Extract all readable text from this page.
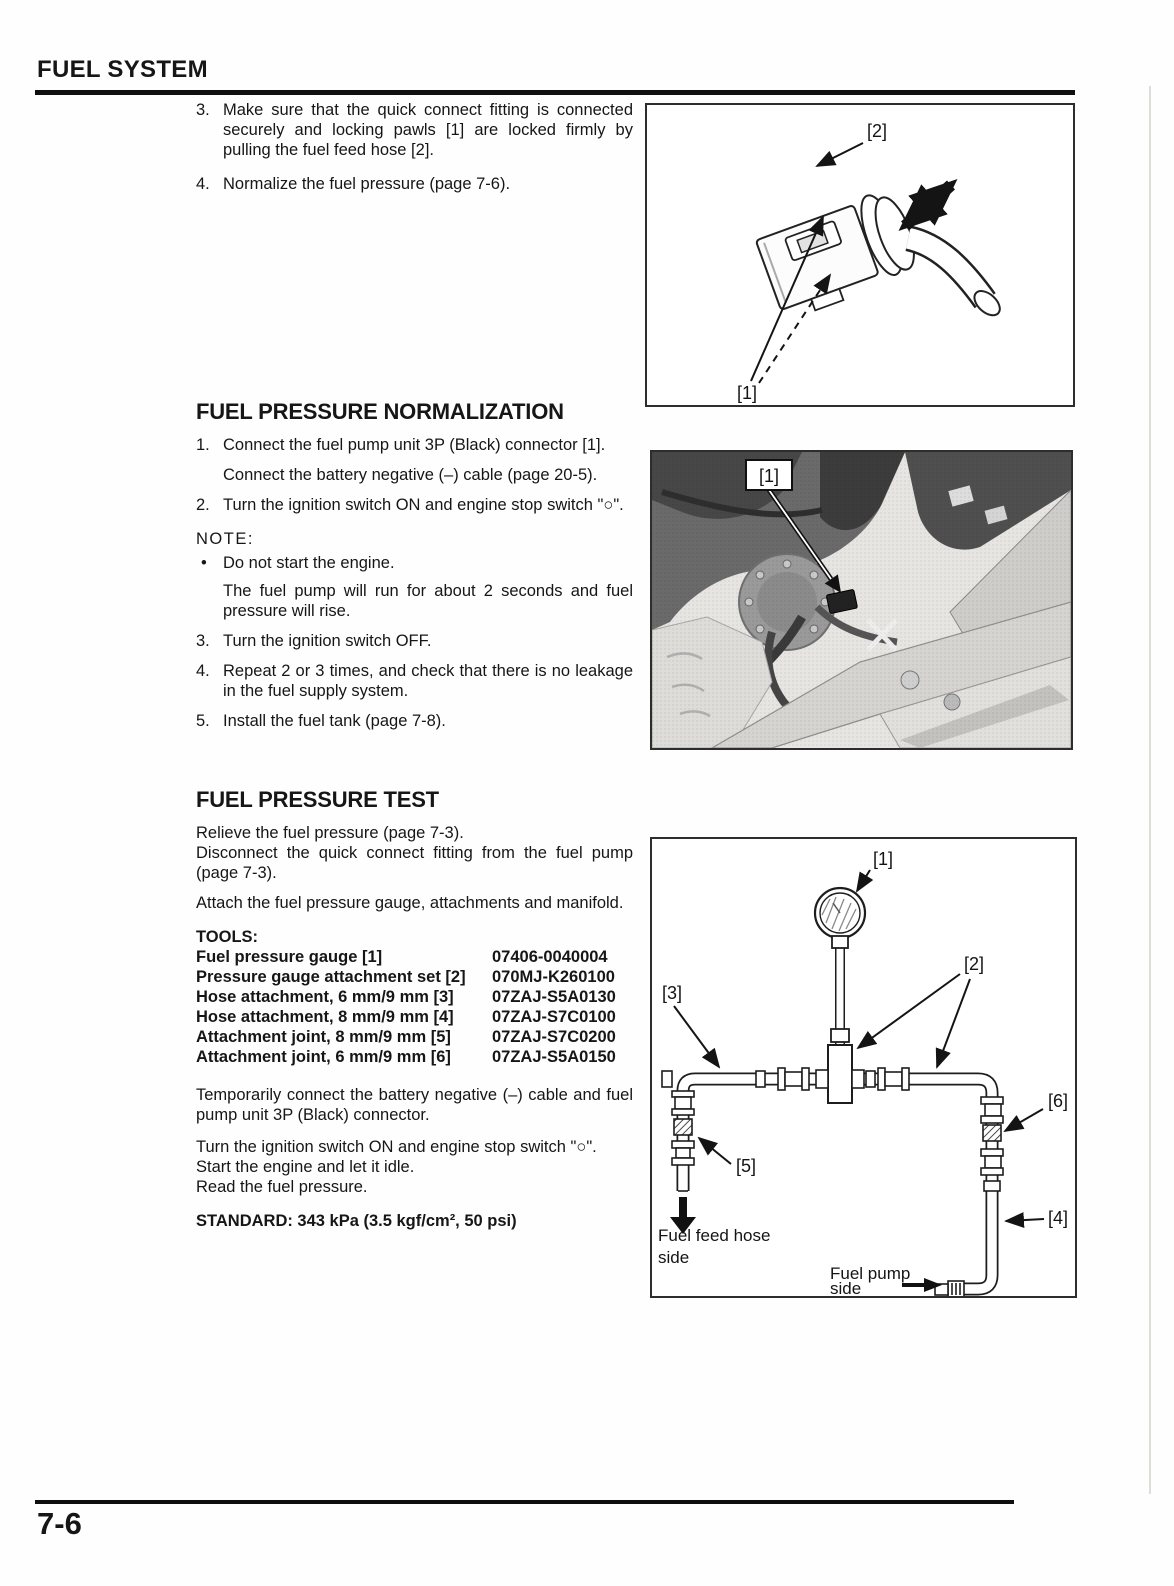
FUEL SYSTEM
3. Make sure that the quick connect fitting is connected securely and locking pawls [1] are locked firmly by pulling the fuel feed hose [2].
4. Normalize the fuel pressure (page 7-6).
FUEL PRESSURE NORMALIZATION
1. Connect the fuel pump unit 3P (Black) connector [1].
Connect the battery negative (–) cable (page 20-5).
2. Turn the ignition switch ON and engine stop switch "○".
NOTE:
• Do not start the engine.
The fuel pump will run for about 2 seconds and fuel pressure will rise.
3. Turn the ignition switch OFF.
4. Repeat 2 or 3 times, and check that there is no leakage in the fuel supply system.
5. Install the fuel tank (page 7-8).
FUEL PRESSURE TEST
Relieve the fuel pressure (page 7-3).
Disconnect the quick connect fitting from the fuel pump (page 7-3).
Attach the fuel pressure gauge, attachments and manifold.
TOOLS:
Fuel pressure gauge [1]	07406-0040004
Pressure gauge attachment set [2]	070MJ-K260100
Hose attachment, 6 mm/9 mm [3]	07ZAJ-S5A0130
Hose attachment, 8 mm/9 mm [4]	07ZAJ-S7C0100
Attachment joint, 8 mm/9 mm [5]	07ZAJ-S7C0200
Attachment joint, 6 mm/9 mm [6]	07ZAJ-S5A0150
Temporarily connect the battery negative (–) cable and fuel pump unit 3P (Black) connector.
Turn the ignition switch ON and engine stop switch "○".
Start the engine and let it idle.
Read the fuel pressure.
STANDARD: 343 kPa (3.5 kgf/cm², 50 psi)
[2]
[1]
[1]
[1]
[2]
[3]
[5]
[6]
[4]
Fuel feed hose
side
Fuel pump
side
7-6
